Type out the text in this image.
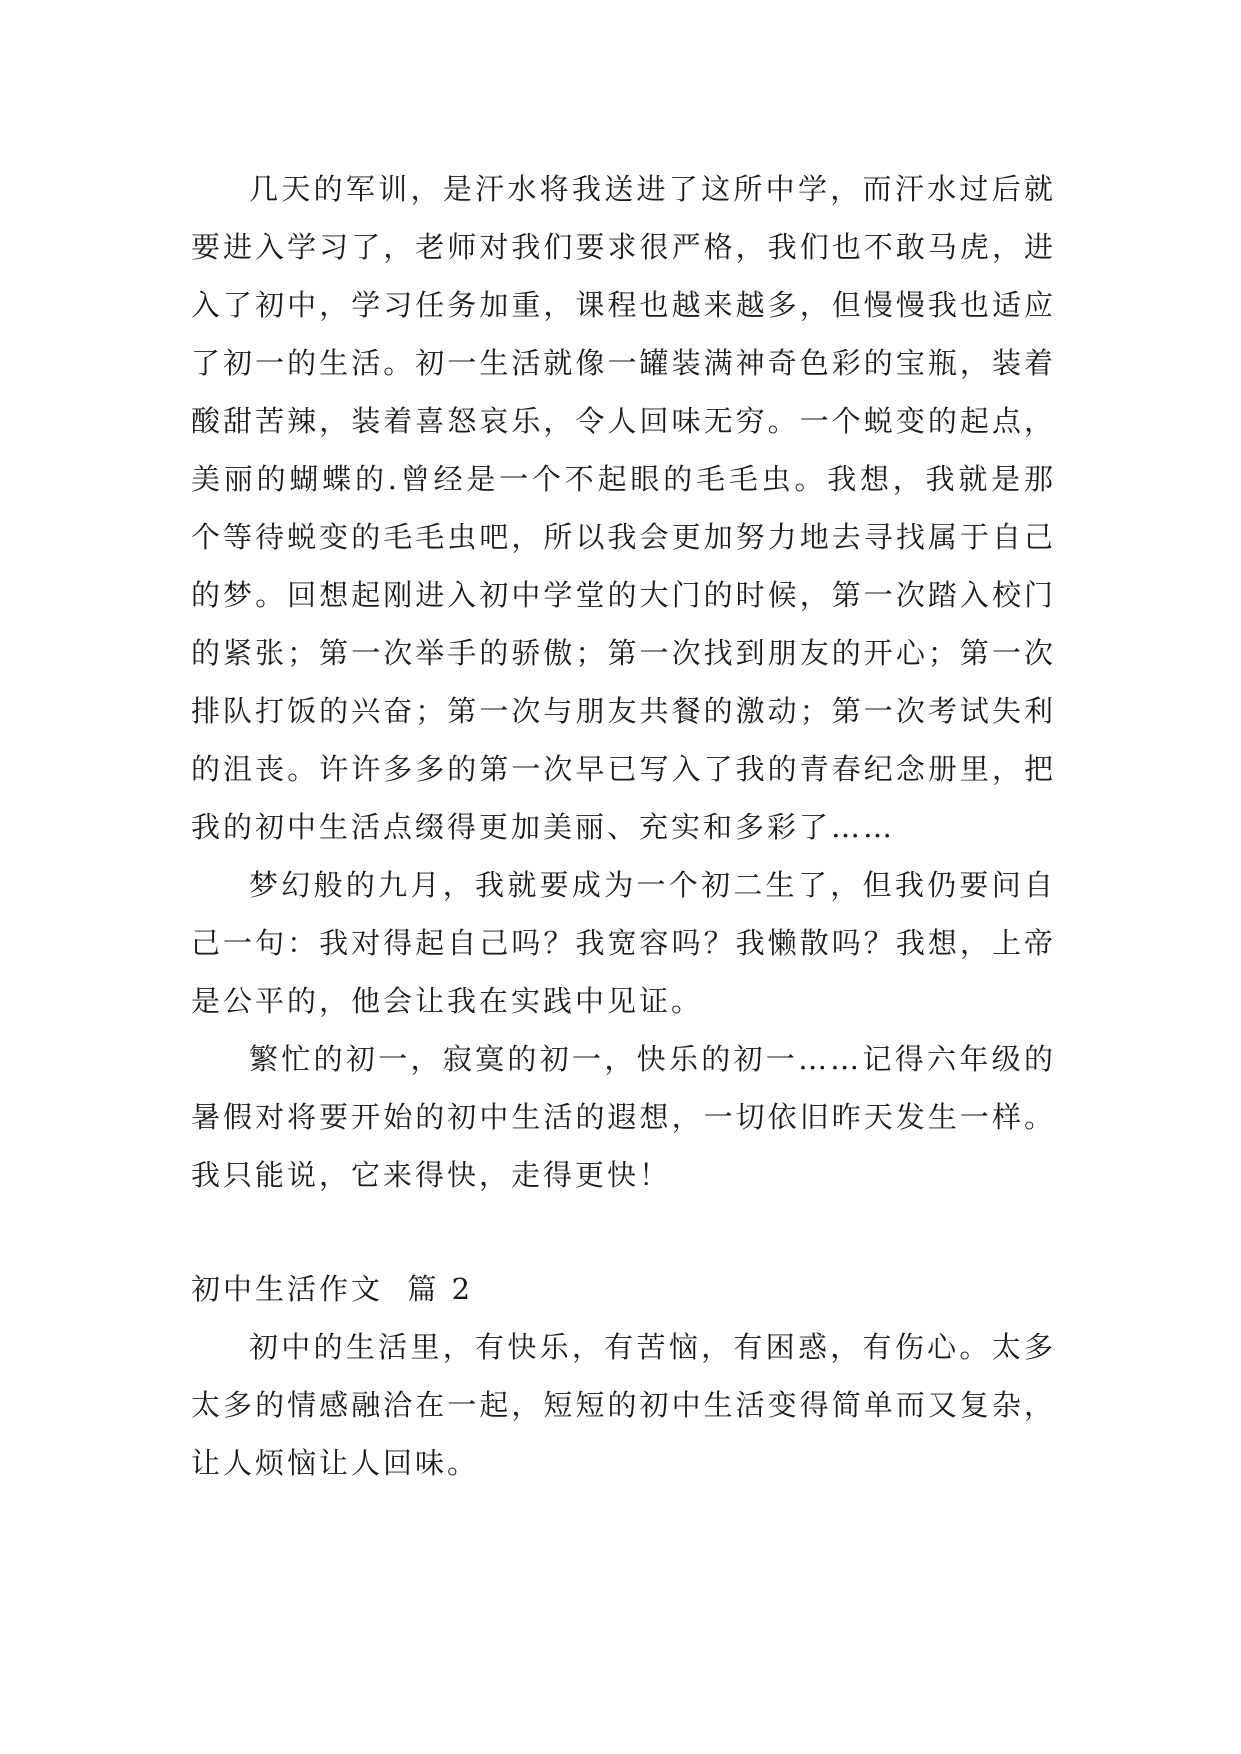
几天的军训，是汗水将我送进了这所中学，而汗水过后就要进入学习了，老师对我们要求很严格，我们也不敢马虎，进入了初中，学习任务加重，课程也越来越多，但慢慢我也适应了初一的生活。初一生活就像一罐装满神奇色彩的宝瓶，装着酸甜苦辣，装着喜怒哀乐，令人回味无穷。一个蜕变的起点，美丽的蝴蝶的.曾经是一个不起眼的毛毛虫。我想，我就是那个等待蜕变的毛毛虫吧，所以我会更加努力地去寻找属于自己的梦。回想起刚进入初中学堂的大门的时候，第一次踏入校门的紧张；第一次举手的骄傲；第一次找到朋友的开心；第一次排队打饭的兴奋；第一次与朋友共餐的激动；第一次考试失利的沮丧。许许多多的第一次早已写入了我的青春纪念册里，把我的初中生活点缀得更加美丽、充实和多彩了……

梦幻般的九月，我就要成为一个初二生了，但我仍要问自己一句：我对得起自己吗？我宽容吗？我懒散吗？我想，上帝是公平的，他会让我在实践中见证。

繁忙的初一，寂寞的初一，快乐的初一……记得六年级的暑假对将要开始的初中生活的遐想，一切依旧昨天发生一样。我只能说，它来得快，走得更快！

初中生活作文  篇 2

初中的生活里，有快乐，有苦恼，有困惑，有伤心。太多太多的情感融洽在一起，短短的初中生活变得简单而又复杂，让人烦恼让人回味。
